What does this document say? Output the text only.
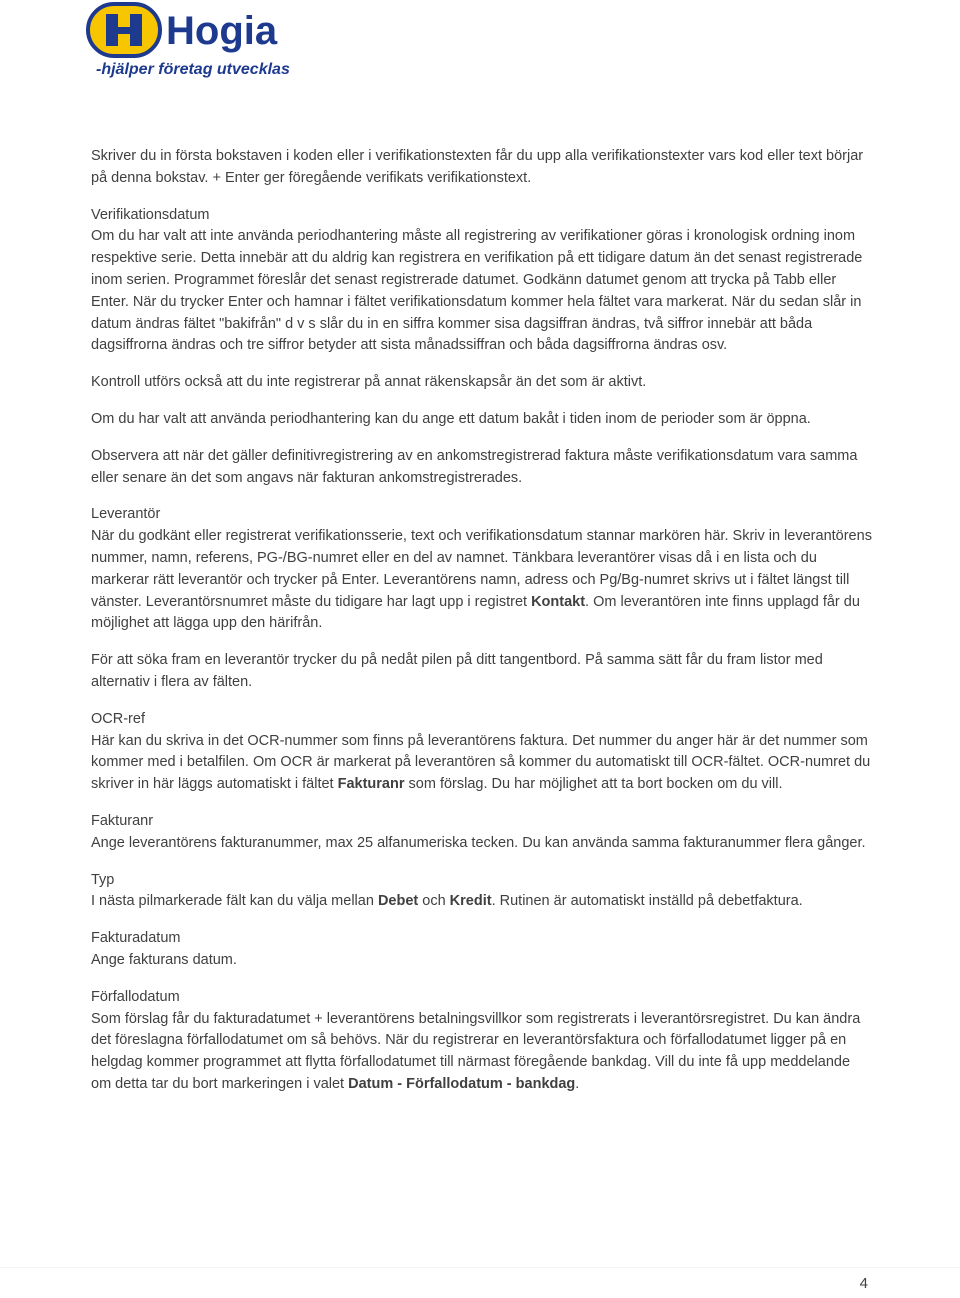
Hogia
-hjälper företag utvecklas

Skriver du in första bokstaven i koden eller i verifikationstexten får du upp alla verifikationstexter vars kod eller text börjar på denna bokstav. + Enter ger föregående verifikats verifikationstext.

Verifikationsdatum
Om du har valt att inte använda periodhantering måste all registrering av verifikationer göras i kronologisk ordning inom respektive serie. Detta innebär att du aldrig kan registrera en verifikation på ett tidigare datum än det senast registrerade inom serien. Programmet föreslår det senast registrerade datumet. Godkänn datumet genom att trycka på Tabb eller Enter. När du trycker Enter och hamnar i fältet verifikationsdatum kommer hela fältet vara markerat. När du sedan slår in datum ändras fältet "bakifrån" d v s slår du in en siffra kommer sisa dagsiffran ändras, två siffror innebär att båda dagsiffrorna ändras och tre siffror betyder att sista månadssiffran och båda dagsiffrorna ändras osv.

Kontroll utförs också att du inte registrerar på annat räkenskapsår än det som är aktivt.

Om du har valt att använda periodhantering kan du ange ett datum bakåt i tiden inom de perioder som är öppna.

Observera att när det gäller definitivregistrering av en ankomstregistrerad faktura måste verifikationsdatum vara samma eller senare än det som angavs när fakturan ankomstregistrerades.

Leverantör
När du godkänt eller registrerat verifikationsserie, text och verifikationsdatum stannar markören här. Skriv in leverantörens nummer, namn, referens, PG-/BG-numret eller en del av namnet. Tänkbara leverantörer visas då i en lista och du markerar rätt leverantör och trycker på Enter. Leverantörens namn, adress och Pg/Bg-numret skrivs ut i fältet längst till vänster. Leverantörsnumret måste du tidigare har lagt upp i registret Kontakt. Om leverantören inte finns upplagd får du möjlighet att lägga upp den härifrån.

För att söka fram en leverantör trycker du på nedåt pilen på ditt tangentbord. På samma sätt får du fram listor med alternativ i flera av fälten.

OCR-ref
Här kan du skriva in det OCR-nummer som finns på leverantörens faktura. Det nummer du anger här är det nummer som kommer med i betalfilen. Om OCR är markerat på leverantören så kommer du automatiskt till OCR-fältet. OCR-numret du skriver in här läggs automatiskt i fältet Fakturanr som förslag. Du har möjlighet att ta bort bocken om du vill.

Fakturanr
Ange leverantörens fakturanummer, max 25 alfanumeriska tecken. Du kan använda samma fakturanummer flera gånger.

Typ
I nästa pilmarkerade fält kan du välja mellan Debet och Kredit. Rutinen är automatiskt inställd på debetfaktura.

Fakturadatum
Ange fakturans datum.

Förfallodatum
Som förslag får du fakturadatumet + leverantörens betalningsvillkor som registrerats i leverantörsregistret. Du kan ändra det föreslagna förfallodatumet om så behövs. När du registrerar en leverantörsfaktura och förfallodatumet ligger på en helgdag kommer programmet att flytta förfallodatumet till närmast föregående bankdag. Vill du inte få upp meddelande om detta tar du bort markeringen i valet Datum - Förfallodatum - bankdag.

4
